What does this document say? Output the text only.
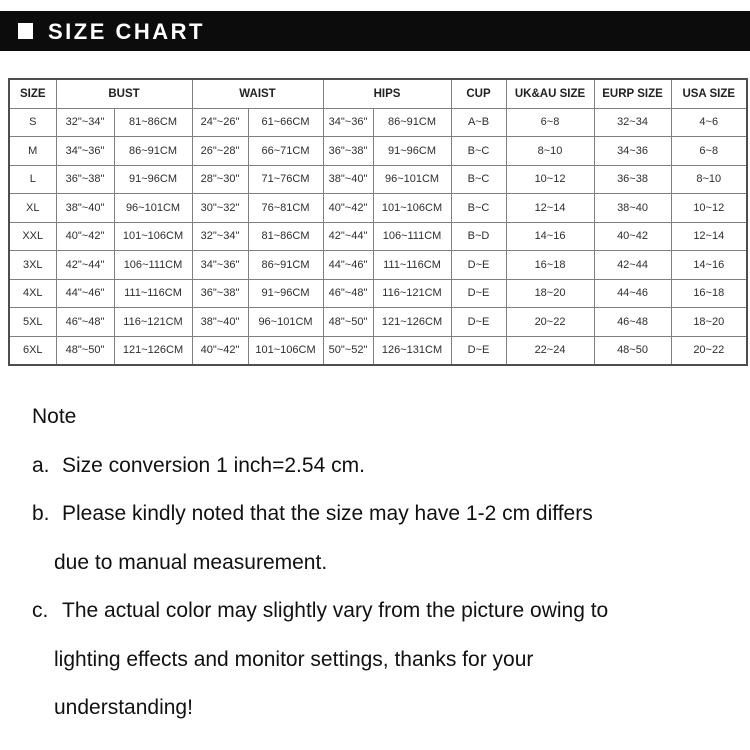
SIZE CHART
SIZE	BUST		WAIST		HIPS		CUP	UK&AU SIZE	EURP SIZE	USA SIZE
S	32"~34"	81~86CM	24"~26"	61~66CM	34"~36"	86~91CM	A~B	6~8	32~34	4~6
M	34"~36"	86~91CM	26"~28"	66~71CM	36"~38"	91~96CM	B~C	8~10	34~36	6~8
L	36"~38"	91~96CM	28"~30"	71~76CM	38"~40"	96~101CM	B~C	10~12	36~38	8~10
XL	38"~40"	96~101CM	30"~32"	76~81CM	40"~42"	101~106CM	B~C	12~14	38~40	10~12
XXL	40"~42"	101~106CM	32"~34"	81~86CM	42"~44"	106~111CM	B~D	14~16	40~42	12~14
3XL	42"~44"	106~111CM	34"~36"	86~91CM	44"~46"	111~116CM	D~E	16~18	42~44	14~16
4XL	44"~46"	111~116CM	36"~38"	91~96CM	46"~48"	116~121CM	D~E	18~20	44~46	16~18
5XL	46"~48"	116~121CM	38"~40"	96~101CM	48"~50"	121~126CM	D~E	20~22	46~48	18~20
6XL	48"~50"	121~126CM	40"~42"	101~106CM	50"~52"	126~131CM	D~E	22~24	48~50	20~22
Note
a. Size conversion 1 inch=2.54 cm.
b. Please kindly noted that the size may have 1-2 cm differs
due to manual measurement.
c. The actual color may slightly vary from the picture owing to
lighting effects and monitor settings, thanks for your
understanding!
